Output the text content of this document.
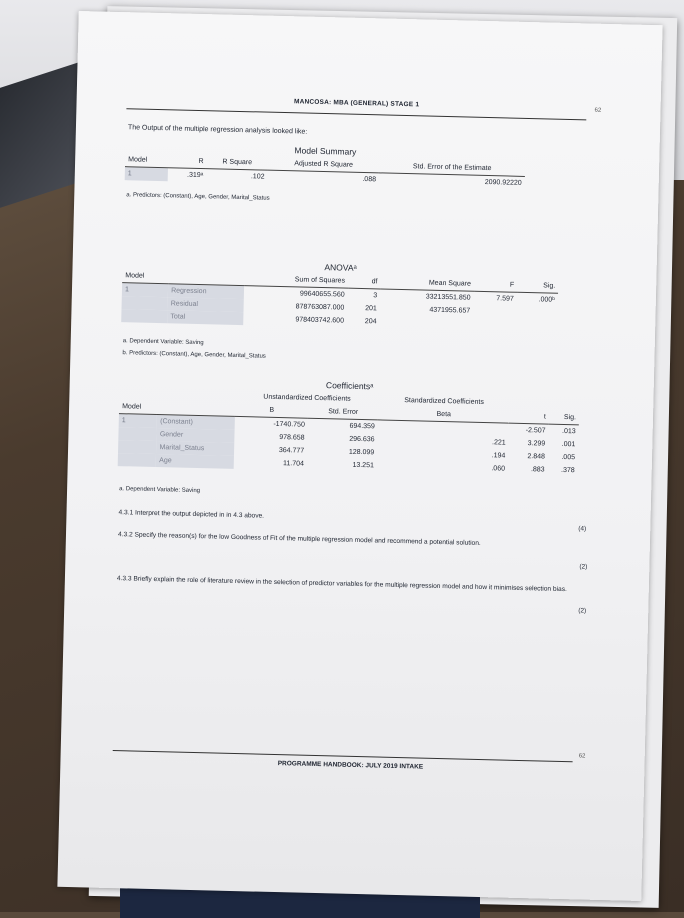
MANCOSA: MBA (GENERAL) STAGE 1
62
The Output of the multiple regression analysis looked like:
Model Summary				
Model	R	R Square	Adjusted R Square	Std. Error of the Estimate
1	.319ᵃ	.102	.088	2090.92220
a. Predictors: (Constant), Age, Gender, Marital_Status
ANOVAᵃ						
Model		Sum of Squares	df	Mean Square	F	Sig.
1	Regression	99640655.560	3	33213551.850	7.597	.000ᵇ
	Residual	878763087.000	201	4371955.657		
	Total	978403742.600	204			
a. Dependent Variable: Saving
b. Predictors: (Constant), Age, Gender, Marital_Status
Coefficientsᵃ						
		Unstandardized Coefficients		Standardized Coefficients		
Model		B	Std. Error	Beta	t	Sig.
1	(Constant)	-1740.750	694.359		-2.507	.013
	Gender	978.658	296.636	.221	3.299	.001
	Marital_Status	364.777	128.099	.194	2.848	.005
	Age	11.704	13.251	.060	.883	.378
a. Dependent Variable: Saving
4.3.1 Interpret the output depicted in in 4.3 above.
(4)
4.3.2 Specify the reason(s) for the low Goodness of Fit of the multiple regression model and recommend a potential solution.
(2)
4.3.3 Briefly explain the role of literature review in the selection of predictor variables for the multiple regression model and how it minimises selection bias.
(2)
PROGRAMME HANDBOOK: JULY 2019 INTAKE
62
